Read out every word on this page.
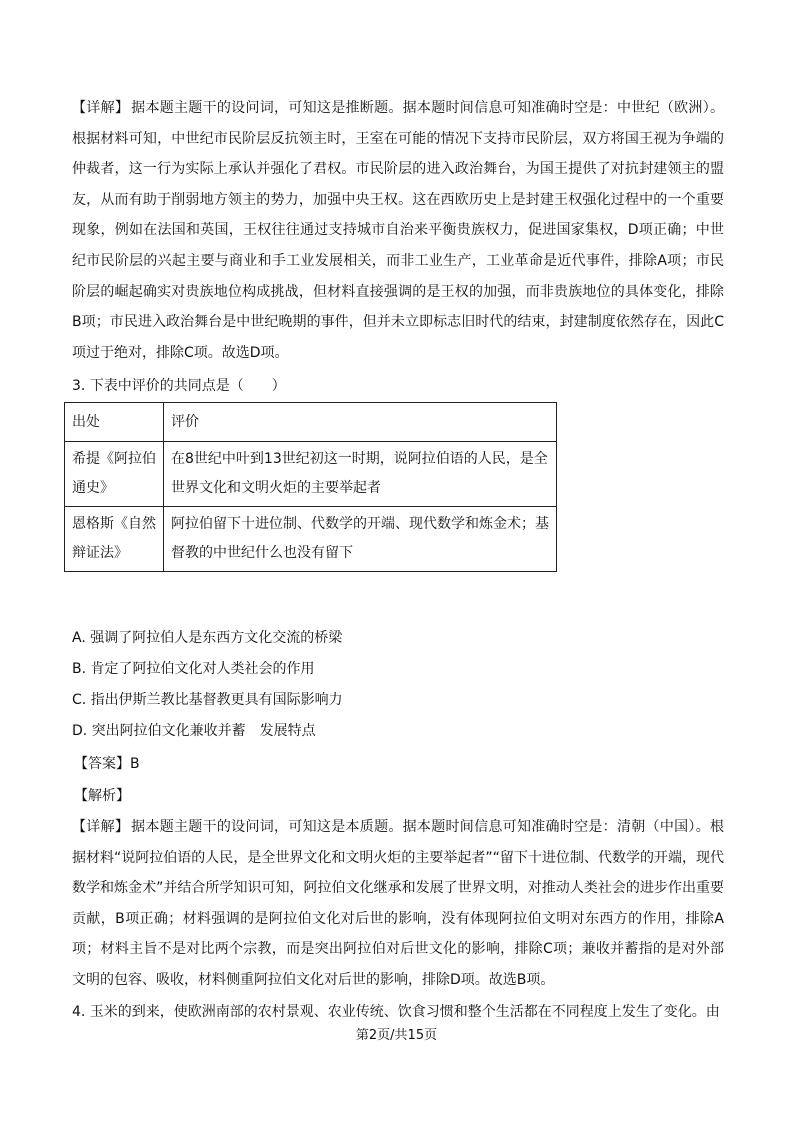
【详解】 据本题主题干的设问词，可知这是推断题。据本题时间信息可知准确时空是：中世纪（欧洲）。根据材料可知，中世纪市民阶层反抗领主时，王室在可能的情况下支持市民阶层，双方将国王视为争端的仲裁者，这一行为实际上承认并强化了君权。市民阶层的进入政治舞台，为国王提供了对抗封建领主的盟友，从而有助于削弱地方领主的势力，加强中央王权。这在西欧历史上是封建王权强化过程中的一个重要现象，例如在法国和英国，王权往往通过支持城市自治来平衡贵族权力，促进国家集权，D项正确；中世纪市民阶层的兴起主要与商业和手工业发展相关，而非工业生产，工业革命是近代事件，排除A项；市民阶层的崛起确实对贵族地位构成挑战，但材料直接强调的是王权的加强，而非贵族地位的具体变化，排除B项；市民进入政治舞台是中世纪晚期的事件，但并未立即标志旧时代的结束，封建制度依然存在，因此C项过于绝对，排除C项。故选D项。

3. 下表中评价的共同点是（　　）

出处	评价
希提《阿拉伯通史》	在8世纪中叶到13世纪初这一时期，说阿拉伯语的人民，是全世界文化和文明火炬的主要举起者
恩格斯《自然辩证法》	阿拉伯留下十进位制、代数学的开端、现代数学和炼金术；基督教的中世纪什么也没有留下

A. 强调了阿拉伯人是东西方文化交流的桥梁

B. 肯定了阿拉伯文化对人类社会的作用

C. 指出伊斯兰教比基督教更具有国际影响力

D. 突出阿拉伯文化兼收并蓄　发展特点

【答案】B

【解析】

【详解】 据本题主题干的设问词，可知这是本质题。据本题时间信息可知准确时空是：清朝（中国）。根据材料“说阿拉伯语的人民，是全世界文化和文明火炬的主要举起者”“留下十进位制、代数学的开端，现代数学和炼金术”并结合所学知识可知，阿拉伯文化继承和发展了世界文明，对推动人类社会的进步作出重要贡献，B项正确；材料强调的是阿拉伯文化对后世的影响，没有体现阿拉伯文明对东西方的作用，排除A项；材料主旨不是对比两个宗教，而是突出阿拉伯对后世文化的影响，排除C项；兼收并蓄指的是对外部文明的包容、吸收，材料侧重阿拉伯文化对后世的影响，排除D项。故选B项。

4. 玉米的到来，使欧洲南部的农村景观、农业传统、饮食习惯和整个生活都在不同程度上发生了变化。由

第2页/共15页
